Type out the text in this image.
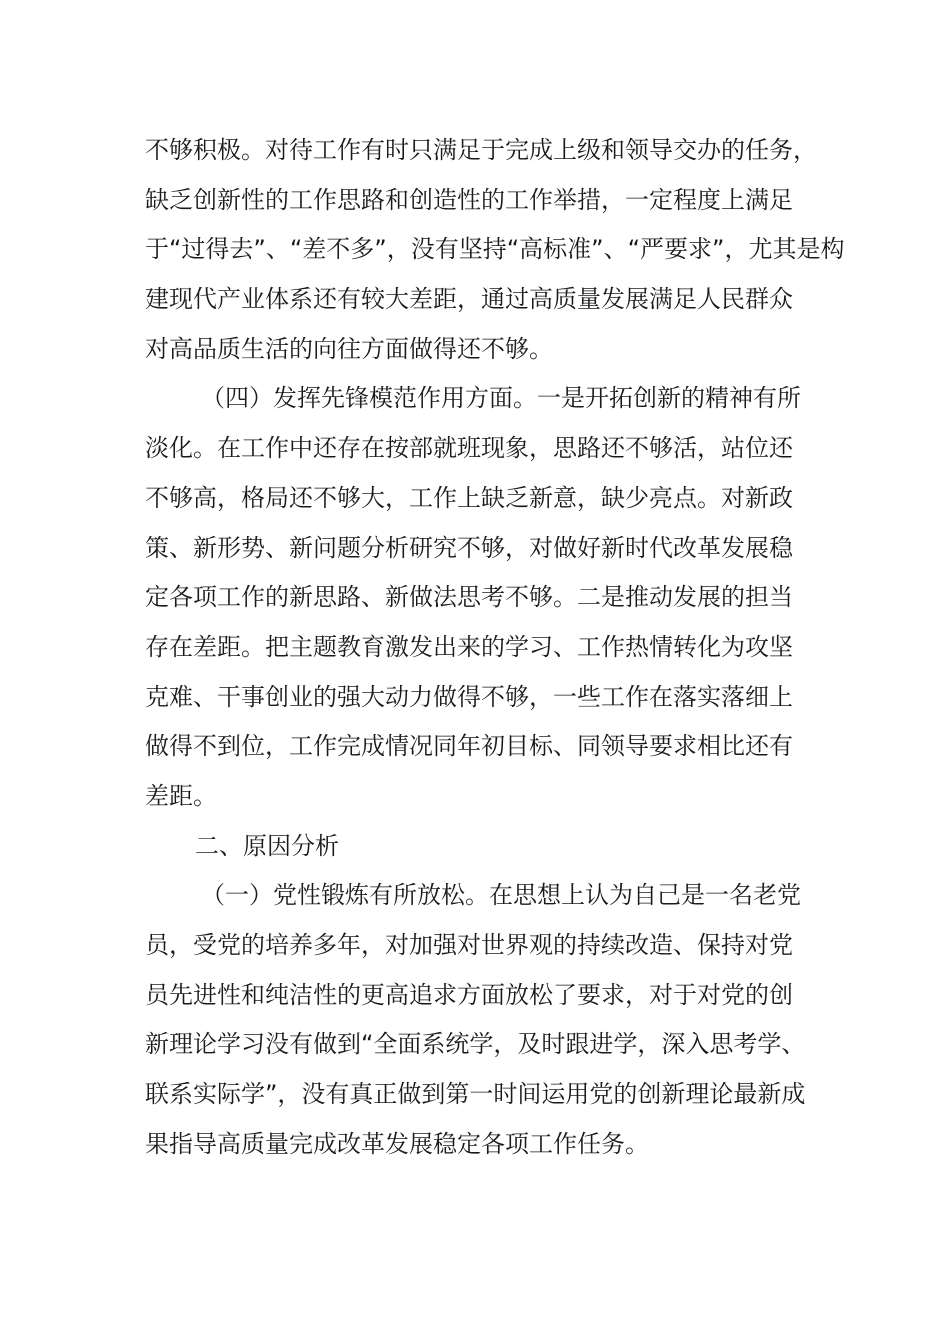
不够积极。对待工作有时只满足于完成上级和领导交办的任务，
缺乏创新性的工作思路和创造性的工作举措，一定程度上满足
于“过得去”、“差不多”，没有坚持“高标准”、“严要求”，尤其是构
建现代产业体系还有较大差距，通过高质量发展满足人民群众
对高品质生活的向往方面做得还不够。
（四）发挥先锋模范作用方面。一是开拓创新的精神有所
淡化。在工作中还存在按部就班现象，思路还不够活，站位还
不够高，格局还不够大，工作上缺乏新意，缺少亮点。对新政
策、新形势、新问题分析研究不够，对做好新时代改革发展稳
定各项工作的新思路、新做法思考不够。二是推动发展的担当
存在差距。把主题教育激发出来的学习、工作热情转化为攻坚
克难、干事创业的强大动力做得不够，一些工作在落实落细上
做得不到位，工作完成情况同年初目标、同领导要求相比还有
差距。
二、原因分析
（一）党性锻炼有所放松。在思想上认为自己是一名老党
员，受党的培养多年，对加强对世界观的持续改造、保持对党
员先进性和纯洁性的更高追求方面放松了要求，对于对党的创
新理论学习没有做到“全面系统学，及时跟进学，深入思考学、
联系实际学”，没有真正做到第一时间运用党的创新理论最新成
果指导高质量完成改革发展稳定各项工作任务。
